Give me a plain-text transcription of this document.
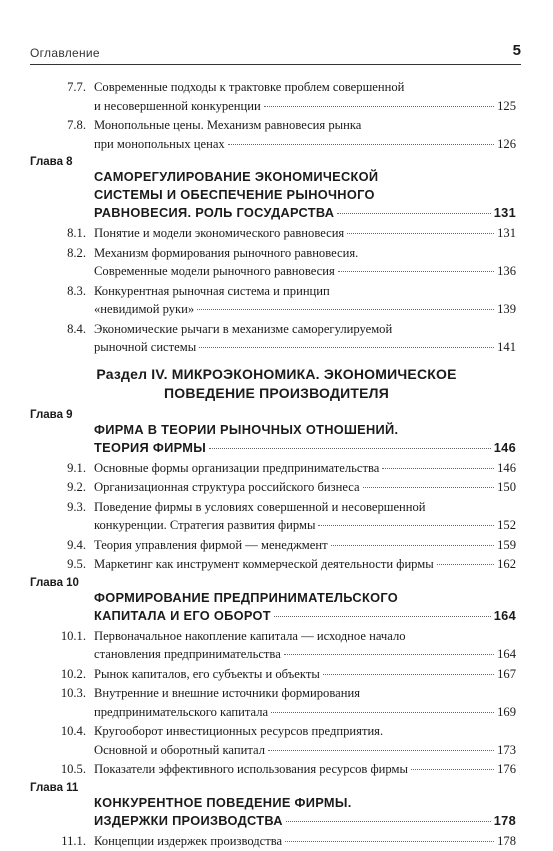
Оглавление	5
7.7. Современные подходы к трактовке проблем совершенной
и несовершенной конкуренции	125
7.8. Монопольные цены. Механизм равновесия рынка
при монопольных ценах	126
Глава 8
САМОРЕГУЛИРОВАНИЕ ЭКОНОМИЧЕСКОЙ
СИСТЕМЫ И ОБЕСПЕЧЕНИЕ РЫНОЧНОГО
РАВНОВЕСИЯ. РОЛЬ ГОСУДАРСТВА	131
8.1. Понятие и модели экономического равновесия	131
8.2. Механизм формирования рыночного равновесия.
Современные модели рыночного равновесия	136
8.3. Конкурентная рыночная система и принцип
«невидимой руки»	139
8.4. Экономические рычаги в механизме саморегулируемой
рыночной системы	141
Раздел IV. МИКРОЭКОНОМИКА. ЭКОНОМИЧЕСКОЕ
ПОВЕДЕНИЕ ПРОИЗВОДИТЕЛЯ
Глава 9
ФИРМА В ТЕОРИИ РЫНОЧНЫХ ОТНОШЕНИЙ.
ТЕОРИЯ ФИРМЫ	146
9.1. Основные формы организации предпринимательства	146
9.2. Организационная структура российского бизнеса	150
9.3. Поведение фирмы в условиях совершенной и несовершенной
конкуренции. Стратегия развития фирмы	152
9.4. Теория управления фирмой — менеджмент	159
9.5. Маркетинг как инструмент коммерческой деятельности фирмы	162
Глава 10
ФОРМИРОВАНИЕ ПРЕДПРИНИМАТЕЛЬСКОГО
КАПИТАЛА И ЕГО ОБОРОТ	164
10.1. Первоначальное накопление капитала — исходное начало
становления предпринимательства	164
10.2. Рынок капиталов, его субъекты и объекты	167
10.3. Внутренние и внешние источники формирования
предпринимательского капитала	169
10.4. Кругооборот инвестиционных ресурсов предприятия.
Основной и оборотный капитал	173
10.5. Показатели эффективного использования ресурсов фирмы	176
Глава 11
КОНКУРЕНТНОЕ ПОВЕДЕНИЕ ФИРМЫ.
ИЗДЕРЖКИ ПРОИЗВОДСТВА	178
11.1. Концепции издержек производства	178
